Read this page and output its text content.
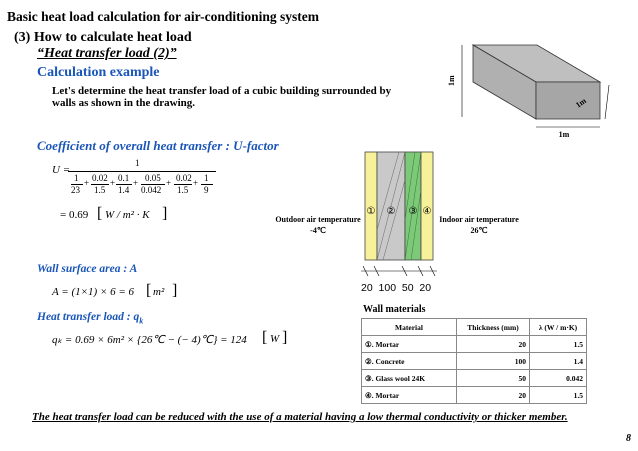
Basic heat load calculation for air-conditioning system
(3) How to calculate heat load
“Heat transfer load (2)”
Calculation example
Let's determine the heat transfer load of a cubic building surrounded by walls as shown in the drawing.
1m
1m
1m
Coefficient of overall heat transfer : U-factor
U =
1
1
23
+ 0.02
1.5
+ 0.1
1.4
+ 0.05
0.042
+ 0.02
1.5
+ 1
9
= 0.69 [ W / m² · K ]	① ② ③ ④
Outdoor air temperature
-4℃
Indoor air temperature
26℃
20  100  50  20
Wall surface area : A
A = (1×1) × 6 = 6 [ m² ]
Heat transfer load : $q_k$
qₖ = 0.69 × 6m² × {26℃ − (− 4)℃} = 124 [ W ]
Wall materials
Material	Thickness (mm)	λ (W / m·K)
①. Mortar	20	1.5
②. Concrete	100	1.4
③. Glass wool 24K	50	0.042
④. Mortar	20	1.5
The heat transfer load can be reduced with the use of a material having a low thermal conductivity or thicker member.
8
